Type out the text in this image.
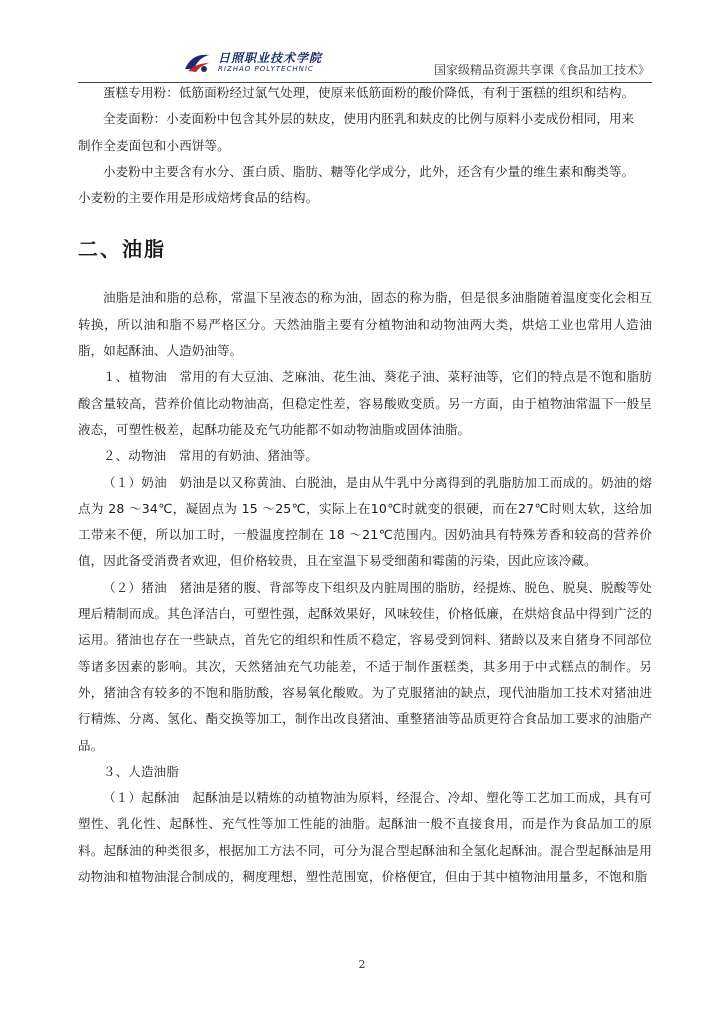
日照职业技术学院
RIZHAO POLYTECHNIC	国家级精品资源共享课《食品加工技术》

蛋糕专用粉：低筋面粉经过氯气处理，使原来低筋面粉的酸价降低，有利于蛋糕的组织和结构。

全麦面粉：小麦面粉中包含其外层的麸皮，使用内胚乳和麸皮的比例与原料小麦成份相同，用来

制作全麦面包和小西饼等。

小麦粉中主要含有水分、蛋白质、脂肪、糖等化学成分，此外，还含有少量的维生素和酶类等。

小麦粉的主要作用是形成焙烤食品的结构。

二、油脂

油脂是油和脂的总称，常温下呈液态的称为油，固态的称为脂，但是很多油脂随着温度变化会相互转换，所以油和脂不易严格区分。天然油脂主要有分植物油和动物油两大类，烘焙工业也常用人造油脂，如起酥油、人造奶油等。

１、植物油　常用的有大豆油、芝麻油、花生油、葵花子油、菜籽油等，它们的特点是不饱和脂肪酸含量较高，营养价值比动物油高，但稳定性差，容易酸败变质。另一方面，由于植物油常温下一般呈液态，可塑性极差，起酥功能及充气功能都不如动物油脂或固体油脂。

２、动物油　常用的有奶油、猪油等。

（１）奶油　奶油是以又称黄油、白脱油，是由从牛乳中分离得到的乳脂肪加工而成的。奶油的熔点为 28 ～34℃，凝固点为 15 ～25℃，实际上在10℃时就变的很硬，而在27℃时则太软，这给加工带来不便，所以加工时，一般温度控制在 18 ～21℃范围内。因奶油具有特殊芳香和较高的营养价值，因此备受消费者欢迎，但价格较贵，且在室温下易受细菌和霉菌的污染，因此应该冷藏。

（２）猪油　猪油是猪的腹、背部等皮下组织及内脏周围的脂肪，经提炼、脱色、脱臭、脱酸等处理后精制而成。其色泽洁白，可塑性强，起酥效果好，风味较佳，价格低廉，在烘焙食品中得到广泛的运用。猪油也存在一些缺点，首先它的组织和性质不稳定，容易受到饲料、猪龄以及来自猪身不同部位等诸多因素的影响。其次，天然猪油充气功能差，不适于制作蛋糕类，其多用于中式糕点的制作。另外，猪油含有较多的不饱和脂肪酸，容易氧化酸败。为了克服猪油的缺点，现代油脂加工技术对猪油进行精炼、分离、氢化、酯交换等加工，制作出改良猪油、重整猪油等品质更符合食品加工要求的油脂产品。

３、人造油脂

（１）起酥油　起酥油是以精炼的动植物油为原料，经混合、冷却、塑化等工艺加工而成，具有可塑性、乳化性、起酥性、充气性等加工性能的油脂。起酥油一般不直接食用，而是作为食品加工的原料。起酥油的种类很多，根据加工方法不同，可分为混合型起酥油和全氢化起酥油。混合型起酥油是用动物油和植物油混合制成的，稠度理想，塑性范围宽，价格便宜，但由于其中植物油用量多，不饱和脂

2
